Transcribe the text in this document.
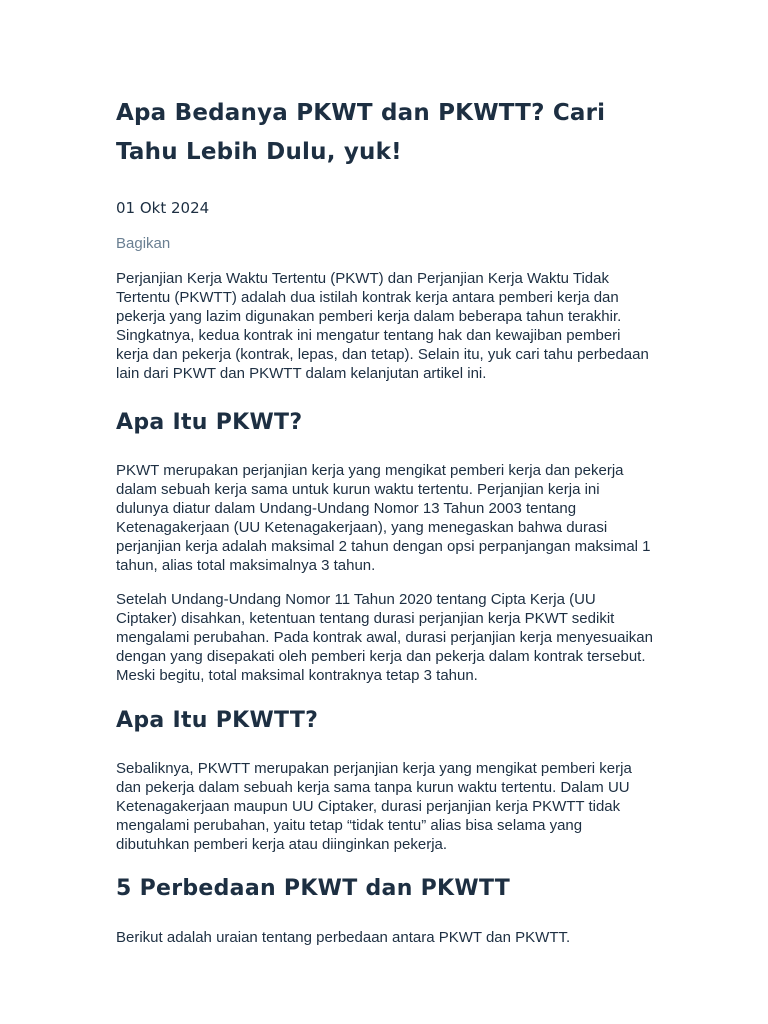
Apa Bedanya PKWT dan PKWTT? Cari Tahu Lebih Dulu, yuk!
01 Okt 2024
Bagikan

Perjanjian Kerja Waktu Tertentu (PKWT) dan Perjanjian Kerja Waktu Tidak Tertentu (PKWTT) adalah dua istilah kontrak kerja antara pemberi kerja dan pekerja yang lazim digunakan pemberi kerja dalam beberapa tahun terakhir. Singkatnya, kedua kontrak ini mengatur tentang hak dan kewajiban pemberi kerja dan pekerja (kontrak, lepas, dan tetap). Selain itu, yuk cari tahu perbedaan lain dari PKWT dan PKWTT dalam kelanjutan artikel ini.

Apa Itu PKWT?

PKWT merupakan perjanjian kerja yang mengikat pemberi kerja dan pekerja dalam sebuah kerja sama untuk kurun waktu tertentu. Perjanjian kerja ini dulunya diatur dalam Undang-Undang Nomor 13 Tahun 2003 tentang Ketenagakerjaan (UU Ketenagakerjaan), yang menegaskan bahwa durasi perjanjian kerja adalah maksimal 2 tahun dengan opsi perpanjangan maksimal 1 tahun, alias total maksimalnya 3 tahun.

Setelah Undang-Undang Nomor 11 Tahun 2020 tentang Cipta Kerja (UU Ciptaker) disahkan, ketentuan tentang durasi perjanjian kerja PKWT sedikit mengalami perubahan. Pada kontrak awal, durasi perjanjian kerja menyesuaikan dengan yang disepakati oleh pemberi kerja dan pekerja dalam kontrak tersebut. Meski begitu, total maksimal kontraknya tetap 3 tahun.

Apa Itu PKWTT?

Sebaliknya, PKWTT merupakan perjanjian kerja yang mengikat pemberi kerja dan pekerja dalam sebuah kerja sama tanpa kurun waktu tertentu. Dalam UU Ketenagakerjaan maupun UU Ciptaker, durasi perjanjian kerja PKWTT tidak mengalami perubahan, yaitu tetap “tidak tentu” alias bisa selama yang dibutuhkan pemberi kerja atau diinginkan pekerja.

5 Perbedaan PKWT dan PKWTT

Berikut adalah uraian tentang perbedaan antara PKWT dan PKWTT.
